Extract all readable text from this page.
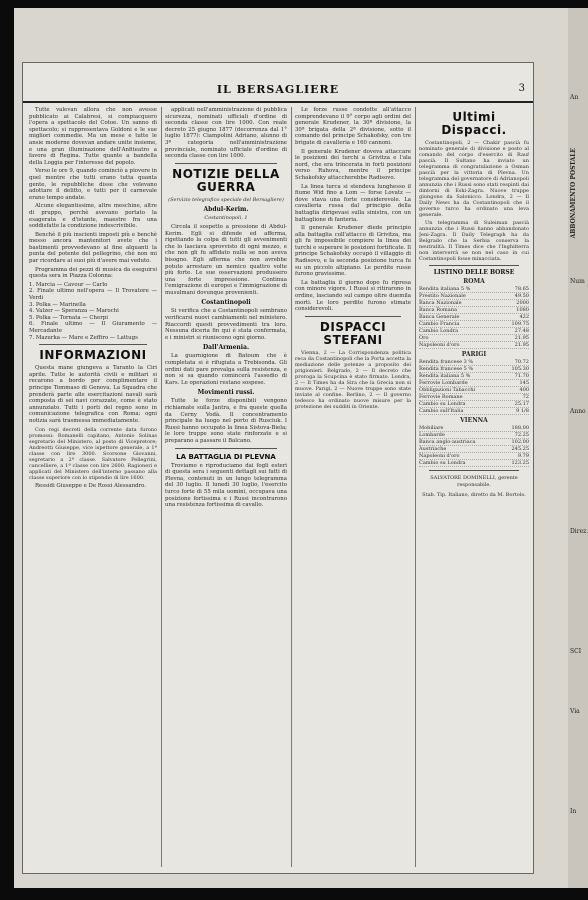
An
ABBONAMENTO POSTALE
Num
Anno
Direz.
SCI
Via
In
IL BERSAGLIERE	3

Tutte valevan allora che non avesse pubblicato ai Calabresi, si compiacquero l'opera a spettacolo del Cotoe. Un sanno di spettacolo; si rappresentava Goldoni e le sue migliori commedie. Ma un mese e tutte le ansie moderne dovevan andare unite insieme, e una gran illuminazione dell'Anfiteatro a favore di Regina. Tutte quante a bandella della Loggia per l'interesse del popolo.

Verso le ore 9, quando cominciò a piovere in quel mentre che tutti erano tutta quanta gente, le repubbliche disse che volevano adottare il delitto, e tutti per il carnevale erano tempo andate.

Alcune elegantissime, altre meschine, altre di pruppo, perchè avevano portato la esagerata e d'istante, maestre fra una soddisfatte la condizione indescrivibile.

Benchè il più inscienti imposti più e benchè messo ancora mantenitori avete che i bastimenti provvedevano al fine alquanti la punta del potente del pellegrino, chè non mi par ricordare ai suoi più d'avere mai veduto.

Programma dei pezzi di musica da eseguirsi questa sera in Piazza Colonna:

1. Marcia — Cavour — Carlo
2. Finale ultimo nell'opera — Il Trovatore — Verdi
3. Polka — Marinella
4. Valzer — Speranza — Marochi
5. Polka — Tornata — Cherpi
6. Finale ultimo — Il Giuramento — Mercadante
7. Mazurka — Mare e Zeffiro — Lattugs
INFORMAZIONI

Questa mane giungeva a Taranto la Ciri aprile. Tutte le autorità civili e militari si recarono a bordo per complimentare il principe Tommaso di Genova. La Squadra che prenderà parte alle esercitazioni navali sarà composta di sei navi corazzate, come è stato annunziato. Tutti i porti del regno sono in comunicazione telegrafica con Roma; ogni notizia sarà trasmessa immediatamente.

Con regi decreti della corrente data furono promossi: Romanelli capitano, Antonio Solinas segretario del Ministero, al posto di Vicepretore; Andreotti Giuseppe, vice ispettore generale, a 1ª classe con lire 3000. Scorsone Giovanni, segretario a 2ª classe. Salvatore Pellegrini, cancelliere, a 1ª classe con lire 2600. Ragioneri e applicati del Ministero dell'interno passano alla classe superiore con lo stipendio di lire 1600.

Ressidi Giuseppe e De Rossi Alessandro.

applicati nell'amministrazione di pubblica sicurezza, nominati ufficiali d'ordine di seconda classe con lire 1000. Con reale decreto 25 giugno 1877 (decorrenza dal 1° luglio 1877): Ciampolini Adriano, alunno di 3ª categoria nell'amministrazione provinciale, nominato ufficiale d'ordine di seconda classe con lire 1000.

NOTIZIE DELLA GUERRA
(Servizio telegrafico speciale del Bersagliere)
Abdul-Kerim.
Costantinopoli, 1

Circola il sospetto a pressione di Abdul-Kerim. Egli si difende ed afferma, rigettando la colpa di tutti gli avvenimenti che lo lasciava sprovvisto di ogni mezzo, e che non gli fu affidato nulla se non aveva bisogno. Egli afferma che non avrebbe potuto arrestare un nemico quattro volte più forte. Le sue osservazioni produssero una forte impressione. Continua l'emigrazione di europei e l'immigrazione di musulmani dovunque provenienti.

Costantinopoli

Si verifica che a Costantinopoli sembrano verificarsi nuovi cambiamenti nel ministero. Riaccordi questi provvedimenti tra loro. Nessuna diceria fin qui è stata confermata, e i ministri si riuniscono ogni giorno.

Dall'Armenia.

La guarnigione di Batoum che è completata si è rifugiata a Trebisonda. Gli ordini dati pare prevalga sulla resistenza, e non si sa quando comincerà l'assedio di Kars. Le operazioni restano sospese.

Movimenti russi.

Tutte le forze disponibili vengono richiamate sulla Jantra, e fra queste quella da Cerny Vodà. Il concentramento principale ha luogo nel porto di Rusciuk. I Russi hanno occupato la linea Sistova-Biela; le loro truppe sono state rinforzate e si preparano a passare il Balcano.

LA BATTAGLIA DI PLEVNA

Troviamo e riproduciamo dai fogli esteri di questa sera i seguenti dettagli sui fatti di Plevna, contenuti in un lungo telegramma del 30 luglio. Il lunedì 30 luglio, l'esercito turco forte di 55 mila uomini, occupava una posizione fortissima e i Russi incontrarono una resistenza fortissima di cavallo.

Le forze russe condotte all'attacco comprendevano il 9° corpo agli ordini del generale Krudener, la 30ª divisione, la 30ª brigata della 2ª divisione, sotto il comando del principe Schakofsky, con tre brigate di cavalleria e 160 cannoni.

Il generale Krudener doveva attaccare le posizioni dei turchi a Grivitza e l'ala nord, che era trincerata in forti posizioni verso Rahova, mentre il principe Schakofsky attaccherebbe Radisovo.

La linea turca si stendeva lunghesso il fiume Wid fino a Lom — forse Lovatz — dove stava una forte considerevole. La cavalleria russa dal principio della battaglia dirigevasi sulla sinistra, con un battaglione di fanteria.

Il generale Krudener diede principio alla battaglia coll'attacco di Grivitza, ma gli fu impossibile compiere la linea dei turchi e superare le posizioni fortificate. Il principe Schakofsky occupò il villaggio di Radisovo, e la seconda posizione turca fu su un piccolo altipiano. Le perdite russe furono gravissime.

La battaglia il giorno dopo fu ripresa con minore vigore. I Russi si ritirarono in ordine, lasciando sul campo oltre duemila morti. Le loro perdite furono stimate considerevoli.

DISPACCI STEFANI

Vienna, 2 — La Corrispondenza politica reca da Costantinopoli che la Porta accetta la mediazione delle potenze a proposito dei prigionieri. Belgrado, 2 — Il decreto che proroga la Scupcina è stato firmato. Londra, 2 — Il Times ha da Sira che la Grecia non si muove. Parigi, 2 — Nuove truppe sono state inviate al confine. Berlino, 2 — Il governo tedesco ha ordinato nuove misure per la protezione dei sudditi in Oriente.

Ultimi Dispacci.

Costantinopoli, 2 — Chakir pascià fu nominato generale di divisione e posto al comando del corpo d'esercito di Rauf pascià. Il Sultano ha inviato un telegramma di congratulazione a Osman pascià per la vittoria di Plevna. Un telegramma del governatore di Adrianopoli annunzia che i Russi sono stati respinti dai dintorni di Eski-Zagra. Nuove truppe giungono da Salonicco. Londra, 2 — Il Daily News ha da Costantinopoli che il governo turco ha ordinato una leva generale.

Un telegramma di Suleiman pascià annunzia che i Russi hanno abbandonato Jeni-Zagra. Il Daily Telegraph ha da Belgrado che la Serbia conserva la neutralità. Il Times dice che l'Inghilterra non interverrà se non nel caso in cui Costantinopoli fosse minacciata.

LISTINO DELLE BORSE
ROMA
Rendita italiana 5 %	78.65
Prestito Nazionale	49.50
Banca Nazionale	2000
Banca Romana	1080
Banca Generale	422
Cambio Francia	109.75
Cambio Londra	27.48
Oro	21.95
Napoleoni d'oro	21.95
PARIGI
Rendita francese 3 %	70.72
Rendita francese 5 %	105.30
Rendita italiana 5 %	71.70
Ferrovie Lombarde	145
Obbligazioni Tabacchi	400
Ferrovie Romane	72
Cambio su Londra	25.17
Cambio sull'Italia	9 1/8
VIENNA
Mobiliare	188.00
Lombarde	72.25
Banca anglo-austriaca	102.00
Austriache	245.25
Napoleoni d'oro	9.79
Cambio su Londra	123.25
SALVATORE DOMINELLI, gerente responsabile.
Stab. Tip. Italiano, diretto da M. Bortolo.
